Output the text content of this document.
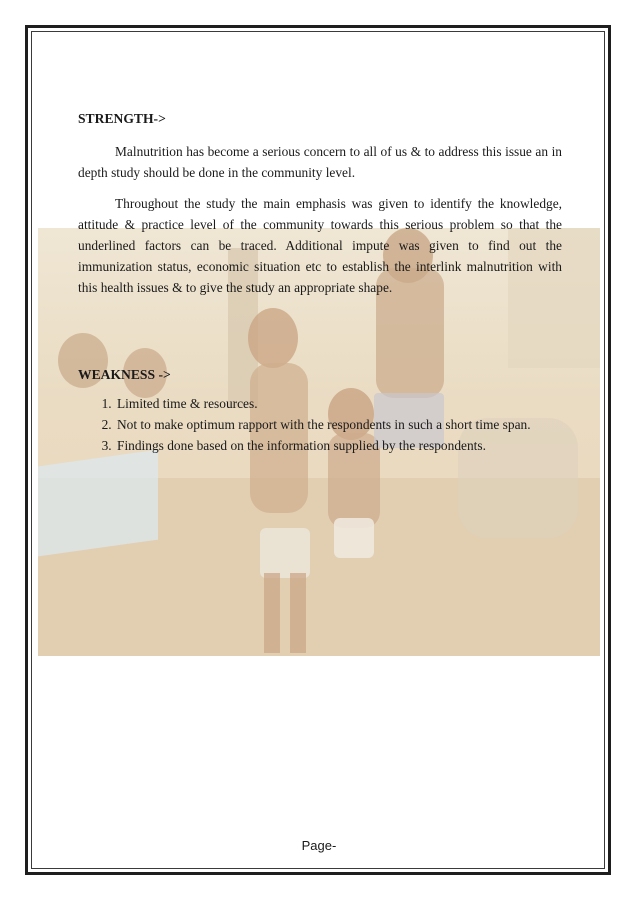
STRENGTH->

Malnutrition has become a serious concern to all of us & to address this issue an in depth study should be done in the community level.

Throughout the study the main emphasis was given to identify the knowledge, attitude & practice level of the community towards this serious problem so that the underlined factors can be traced. Additional impute was given to find out the immunization status, economic situation etc to establish the interlink malnutrition with this health issues & to give the study an appropriate shape.

WEAKNESS ->
1. Limited time & resources.
2. Not to make optimum rapport with the respondents in such a short time span.
3. Findings done based on the information supplied by the respondents.
Page-
